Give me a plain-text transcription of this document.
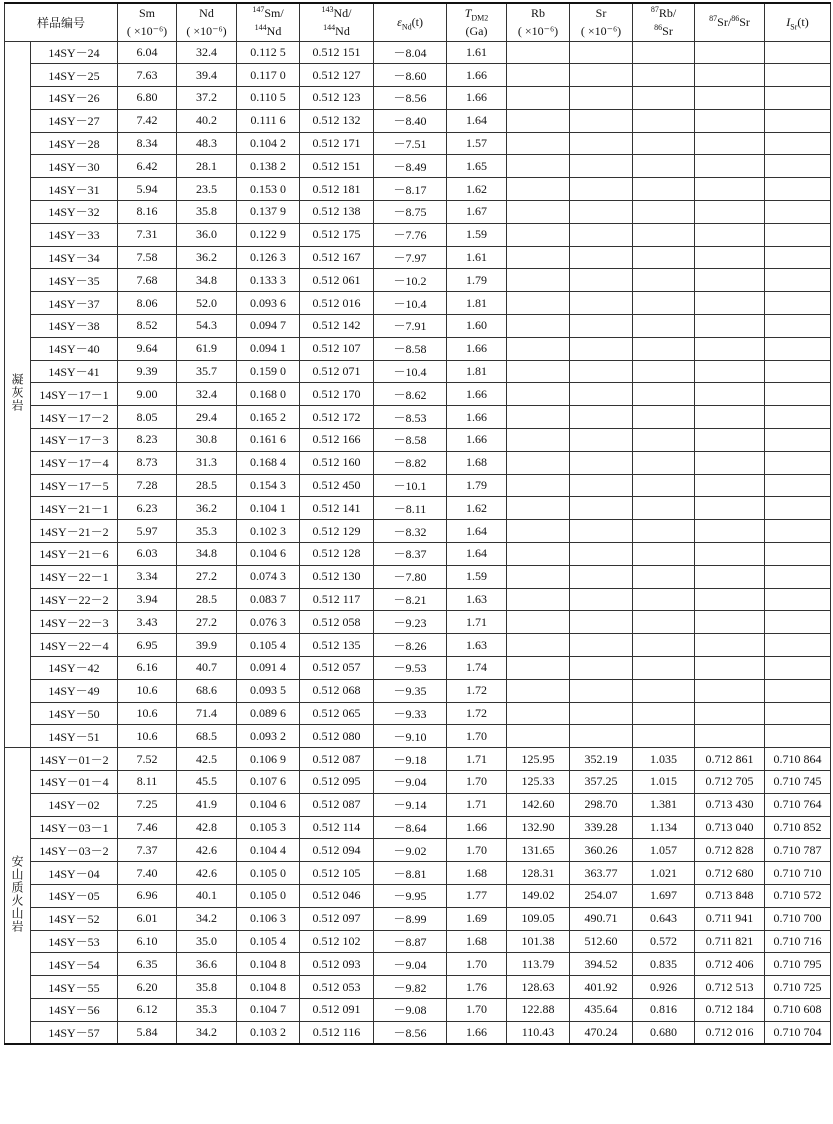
样品编号		Sm	Nd	$^{147}$Sm/	$^{143}$Nd/	$\varepsilon_{Nd}(t)$	$T_{DM2}$	Rb	Sr	$^{87}$Rb/	$^{87}$Sr/$^{86}$Sr	$I_{Sr}(t)$
		( ×10⁻⁶)	( ×10⁻⁶)	$^{144}$Nd	$^{144}$Nd		(Ga)	( ×10⁻⁶)	( ×10⁻⁶)	$^{86}$Sr		
凝灰岩	14SY－24	6.04	32.4	0.112 5	0.512 151	－8.04	1.61					
	14SY－25	7.63	39.4	0.117 0	0.512 127	－8.60	1.66					
	14SY－26	6.80	37.2	0.110 5	0.512 123	－8.56	1.66					
	14SY－27	7.42	40.2	0.111 6	0.512 132	－8.40	1.64					
	14SY－28	8.34	48.3	0.104 2	0.512 171	－7.51	1.57					
	14SY－30	6.42	28.1	0.138 2	0.512 151	－8.49	1.65					
	14SY－31	5.94	23.5	0.153 0	0.512 181	－8.17	1.62					
	14SY－32	8.16	35.8	0.137 9	0.512 138	－8.75	1.67					
	14SY－33	7.31	36.0	0.122 9	0.512 175	－7.76	1.59					
	14SY－34	7.58	36.2	0.126 3	0.512 167	－7.97	1.61					
	14SY－35	7.68	34.8	0.133 3	0.512 061	－10.2	1.79					
	14SY－37	8.06	52.0	0.093 6	0.512 016	－10.4	1.81					
	14SY－38	8.52	54.3	0.094 7	0.512 142	－7.91	1.60					
	14SY－40	9.64	61.9	0.094 1	0.512 107	－8.58	1.66					
	14SY－41	9.39	35.7	0.159 0	0.512 071	－10.4	1.81					
	14SY－17－1	9.00	32.4	0.168 0	0.512 170	－8.62	1.66					
	14SY－17－2	8.05	29.4	0.165 2	0.512 172	－8.53	1.66					
	14SY－17－3	8.23	30.8	0.161 6	0.512 166	－8.58	1.66					
	14SY－17－4	8.73	31.3	0.168 4	0.512 160	－8.82	1.68					
	14SY－17－5	7.28	28.5	0.154 3	0.512 450	－10.1	1.79					
	14SY－21－1	6.23	36.2	0.104 1	0.512 141	－8.11	1.62					
	14SY－21－2	5.97	35.3	0.102 3	0.512 129	－8.32	1.64					
	14SY－21－6	6.03	34.8	0.104 6	0.512 128	－8.37	1.64					
	14SY－22－1	3.34	27.2	0.074 3	0.512 130	－7.80	1.59					
	14SY－22－2	3.94	28.5	0.083 7	0.512 117	－8.21	1.63					
	14SY－22－3	3.43	27.2	0.076 3	0.512 058	－9.23	1.71					
	14SY－22－4	6.95	39.9	0.105 4	0.512 135	－8.26	1.63					
	14SY－42	6.16	40.7	0.091 4	0.512 057	－9.53	1.74					
	14SY－49	10.6	68.6	0.093 5	0.512 068	－9.35	1.72					
	14SY－50	10.6	71.4	0.089 6	0.512 065	－9.33	1.72					
	14SY－51	10.6	68.5	0.093 2	0.512 080	－9.10	1.70					
安山质火山岩	14SY－01－2	7.52	42.5	0.106 9	0.512 087	－9.18	1.71	125.95	352.19	1.035	0.712 861	0.710 864
	14SY－01－4	8.11	45.5	0.107 6	0.512 095	－9.04	1.70	125.33	357.25	1.015	0.712 705	0.710 745
	14SY－02	7.25	41.9	0.104 6	0.512 087	－9.14	1.71	142.60	298.70	1.381	0.713 430	0.710 764
	14SY－03－1	7.46	42.8	0.105 3	0.512 114	－8.64	1.66	132.90	339.28	1.134	0.713 040	0.710 852
	14SY－03－2	7.37	42.6	0.104 4	0.512 094	－9.02	1.70	131.65	360.26	1.057	0.712 828	0.710 787
	14SY－04	7.40	42.6	0.105 0	0.512 105	－8.81	1.68	128.31	363.77	1.021	0.712 680	0.710 710
	14SY－05	6.96	40.1	0.105 0	0.512 046	－9.95	1.77	149.02	254.07	1.697	0.713 848	0.710 572
	14SY－52	6.01	34.2	0.106 3	0.512 097	－8.99	1.69	109.05	490.71	0.643	0.711 941	0.710 700
	14SY－53	6.10	35.0	0.105 4	0.512 102	－8.87	1.68	101.38	512.60	0.572	0.711 821	0.710 716
	14SY－54	6.35	36.6	0.104 8	0.512 093	－9.04	1.70	113.79	394.52	0.835	0.712 406	0.710 795
	14SY－55	6.20	35.8	0.104 8	0.512 053	－9.82	1.76	128.63	401.92	0.926	0.712 513	0.710 725
	14SY－56	6.12	35.3	0.104 7	0.512 091	－9.08	1.70	122.88	435.64	0.816	0.712 184	0.710 608
	14SY－57	5.84	34.2	0.103 2	0.512 116	－8.56	1.66	110.43	470.24	0.680	0.712 016	0.710 704
